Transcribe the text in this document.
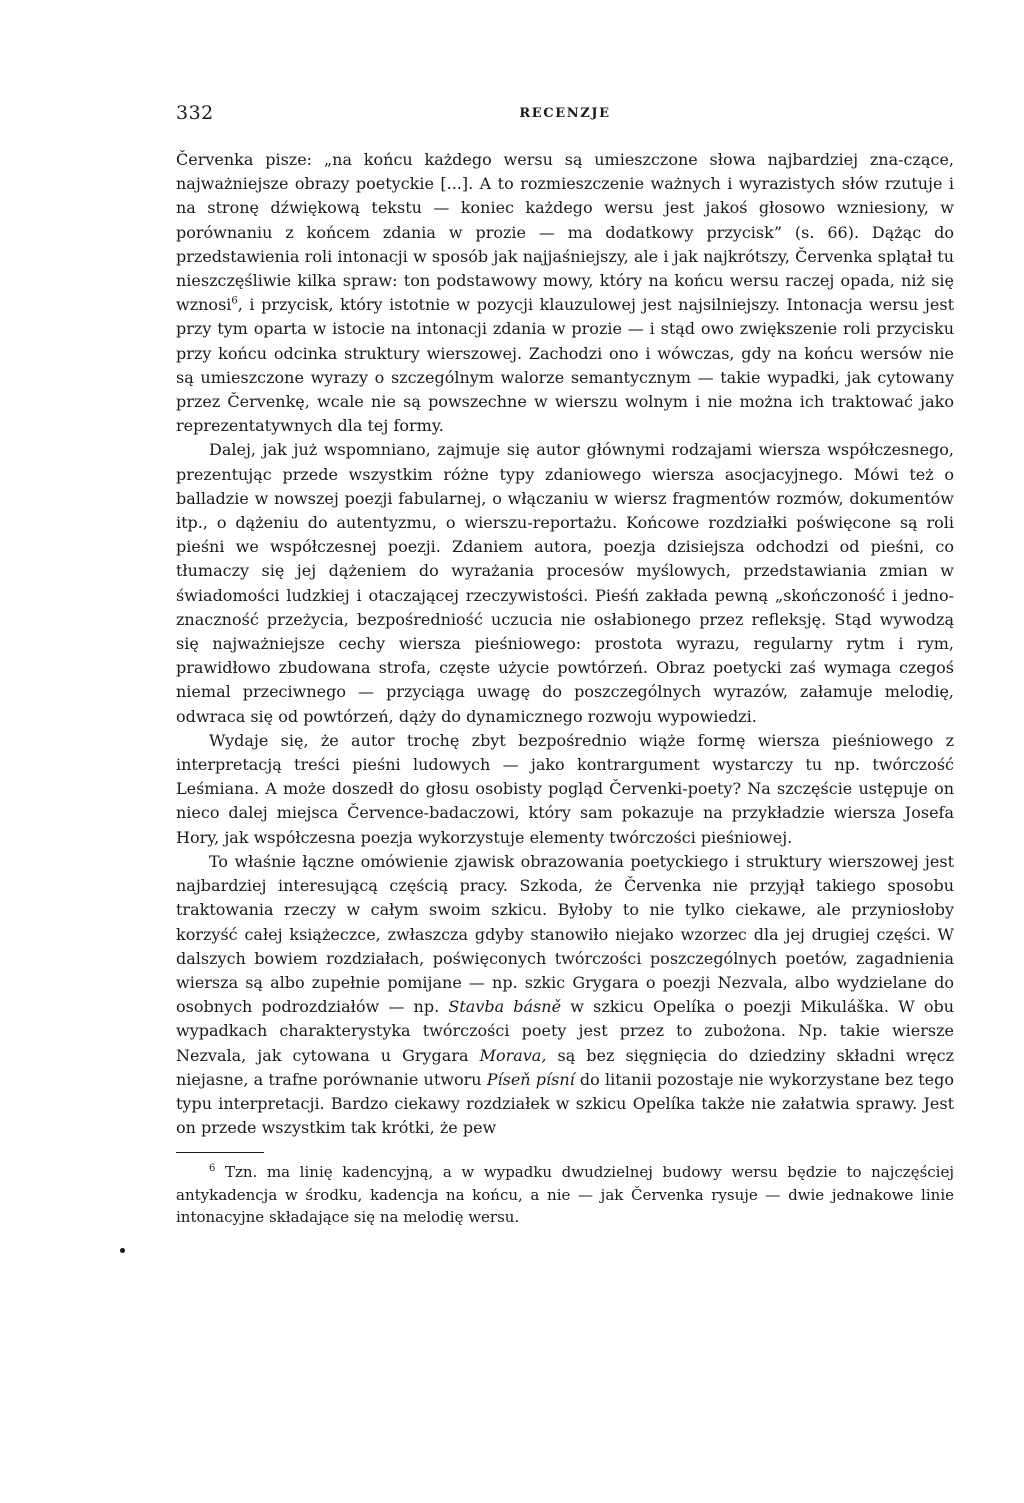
332	RECENZJE

Červenka pisze: „na końcu każdego wersu są umieszczone słowa najbardziej zna-czące, najważniejsze obrazy poetyckie [...]. A to rozmieszczenie ważnych i wyrazistych słów rzutuje i na stronę dźwiękową tekstu — koniec każdego wersu jest jakoś głosowo wzniesiony, w porównaniu z końcem zdania w prozie — ma dodatkowy przycisk” (s. 66). Dążąc do przedstawienia roli intonacji w sposób jak najjaśniejszy, ale i jak najkrótszy, Červenka splątał tu nieszczęśliwie kilka spraw: ton podstawowy mowy, który na końcu wersu raczej opada, niż się wznosi$^6$, i przycisk, który istotnie w pozycji klauzulowej jest najsilniejszy. Intonacja wersu jest przy tym oparta w istocie na intonacji zdania w prozie — i stąd owo zwiększenie roli przycisku przy końcu odcinka struktury wierszowej. Zachodzi ono i wówczas, gdy na końcu wersów nie są umieszczone wyrazy o szczególnym walorze semantycznym — takie wypadki, jak cytowany przez Červenkę, wcale nie są powszechne w wierszu wolnym i nie można ich traktować jako reprezentatywnych dla tej formy.

Dalej, jak już wspomniano, zajmuje się autor głównymi rodzajami wiersza współczesnego, prezentując przede wszystkim różne typy zdaniowego wiersza asocjacyjnego. Mówi też o balladzie w nowszej poezji fabularnej, o włączaniu w wiersz fragmentów rozmów, dokumentów itp., o dążeniu do autentyzmu, o wierszu-reportażu. Końcowe rozdziałki poświęcone są roli pieśni we współczesnej poezji. Zdaniem autora, poezja dzisiejsza odchodzi od pieśni, co tłumaczy się jej dążeniem do wyrażania procesów myślowych, przedstawiania zmian w świadomości ludzkiej i otaczającej rzeczywistości. Pieśń zakłada pewną „skończoność i jednoznaczność przeżycia, bezpośredniość uczucia nie osłabionego przez refleksję. Stąd wywodzą się najważniejsze cechy wiersza pieśniowego: prostota wyrazu, regularny rytm i rym, prawidłowo zbudowana strofa, częste użycie powtórzeń. Obraz poetycki zaś wymaga czegoś niemal przeciwnego — przyciąga uwagę do poszczególnych wyrazów, załamuje melodię, odwraca się od powtórzeń, dąży do dynamicznego rozwoju wypowiedzi.

Wydaje się, że autor trochę zbyt bezpośrednio wiąże formę wiersza pieśniowego z interpretacją treści pieśni ludowych — jako kontrargument wystarczy tu np. twórczość Leśmiana. A może doszedł do głosu osobisty pogląd Červenki-poety? Na szczęście ustępuje on nieco dalej miejsca Července-badaczowi, który sam pokazuje na przykładzie wiersza Josefa Hory, jak współczesna poezja wykorzystuje elementy twórczości pieśniowej.

To właśnie łączne omówienie zjawisk obrazowania poetyckiego i struktury wierszowej jest najbardziej interesującą częścią pracy. Szkoda, że Červenka nie przyjął takiego sposobu traktowania rzeczy w całym swoim szkicu. Byłoby to nie tylko ciekawe, ale przyniosłoby korzyść całej książeczce, zwłaszcza gdyby stanowiło niejako wzorzec dla jej drugiej części. W dalszych bowiem rozdziałach, poświęconych twórczości poszczególnych poetów, zagadnienia wiersza są albo zupełnie pomijane — np. szkic Grygara o poezji Nezvala, albo wydzielane do osobnych podrozdziałów — np. Stavba básně w szkicu Opelíka o poezji Mikuláška. W obu wypadkach charakterystyka twórczości poety jest przez to zubożona. Np. takie wiersze Nezvala, jak cytowana u Grygara Morava, są bez sięgnięcia do dziedziny składni wręcz niejasne, a trafne porównanie utworu Píseň písní do litanii pozostaje nie wykorzystane bez tego typu interpretacji. Bardzo ciekawy rozdziałek w szkicu Opelíka także nie załatwia sprawy. Jest on przede wszystkim tak krótki, że pew

$^6$ Tzn. ma linię kadencyjną, a w wypadku dwudzielnej budowy wersu będzie to najczęściej antykadencja w środku, kadencja na końcu, a nie — jak Červenka rysuje — dwie jednakowe linie intonacyjne składające się na melodię wersu.
